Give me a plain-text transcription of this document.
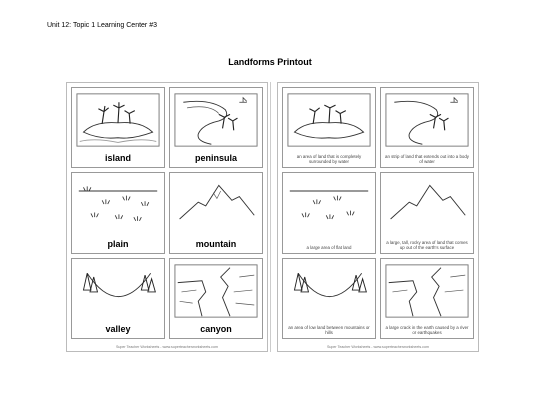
Unit 12: Topic 1 Learning Center #3
Landforms Printout
island	peninsula
plain	mountain
valley	canyon
Super Teacher Worksheets - www.superteacherworksheets.com
an area of land that is completely surrounded by water
an strip of land that extends out into a body of water
a large area of flat land
a large, tall, rocky area of land that comes up out of the earth's surface
an area of low land between mountains or hills
a large crack in the earth caused by a river or earthquakes
Super Teacher Worksheets - www.superteacherworksheets.com
